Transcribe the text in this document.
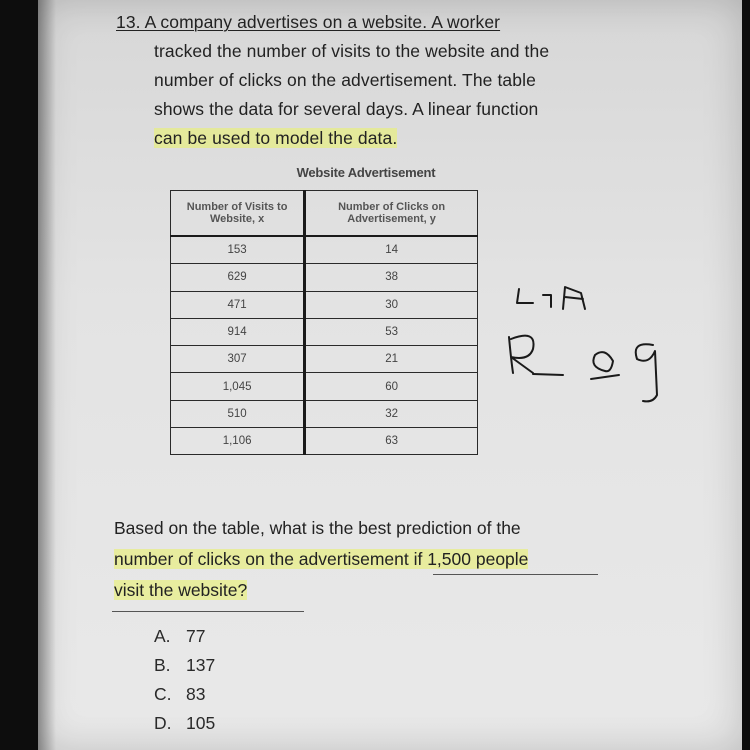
13. A company advertises on a website. A worker
tracked the number of visits to the website and the
number of clicks on the advertisement. The table
shows the data for several days. A linear function
can be used to model the data.
Website Advertisement
Number of Visits to Website, x	Number of Clicks on Advertisement, y
153	14
629	38
471	30
914	53
307	21
1,045	60
510	32
1,106	63
Based on the table, what is the best prediction of the
number of clicks on the advertisement if 1,500 people
visit the website?
A. 77
B. 137
C. 83
D. 105
